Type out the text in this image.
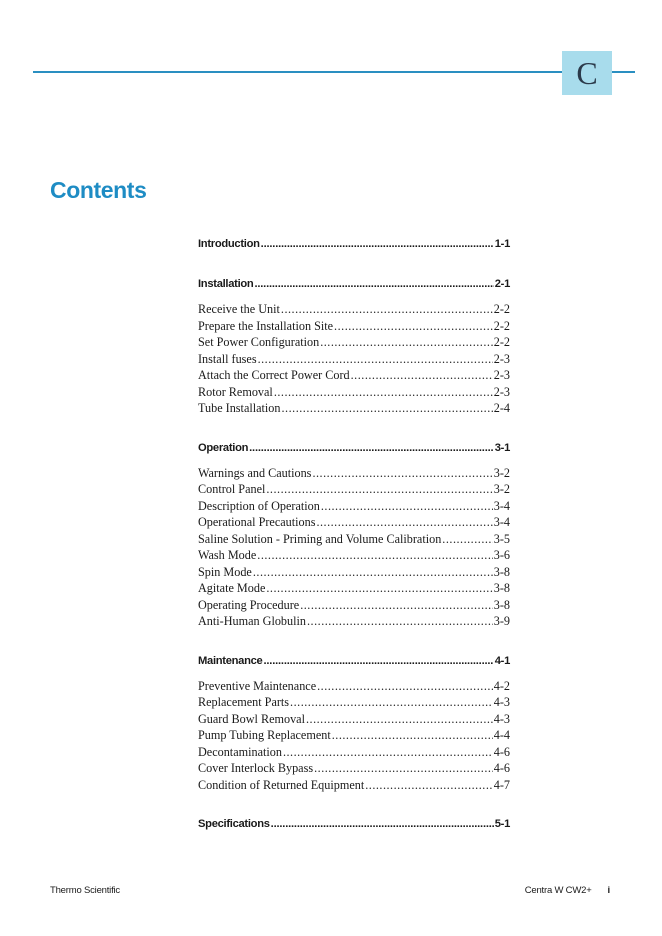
C
Contents
Introduction .....	1-1
Installation .....	2-1
Receive the Unit .....	2-2
Prepare the Installation Site .....	2-2
Set Power Configuration .....	2-2
Install fuses .....	2-3
Attach the Correct Power Cord .....	2-3
Rotor Removal .....	2-3
Tube Installation .....	2-4
Operation .....	3-1
Warnings and Cautions .....	3-2
Control Panel .....	3-2
Description of Operation .....	3-4
Operational Precautions .....	3-4
Saline Solution - Priming and Volume Calibration .....	3-5
Wash Mode .....	3-6
Spin Mode .....	3-8
Agitate Mode .....	3-8
Operating Procedure .....	3-8
Anti-Human Globulin .....	3-9
Maintenance .....	4-1
Preventive Maintenance .....	4-2
Replacement Parts .....	4-3
Guard Bowl Removal .....	4-3
Pump Tubing Replacement .....	4-4
Decontamination .....	4-6
Cover Interlock Bypass .....	4-6
Condition of Returned Equipment .....	4-7
Specifications .....	5-1
Thermo Scientific	Centra W CW2+ i
